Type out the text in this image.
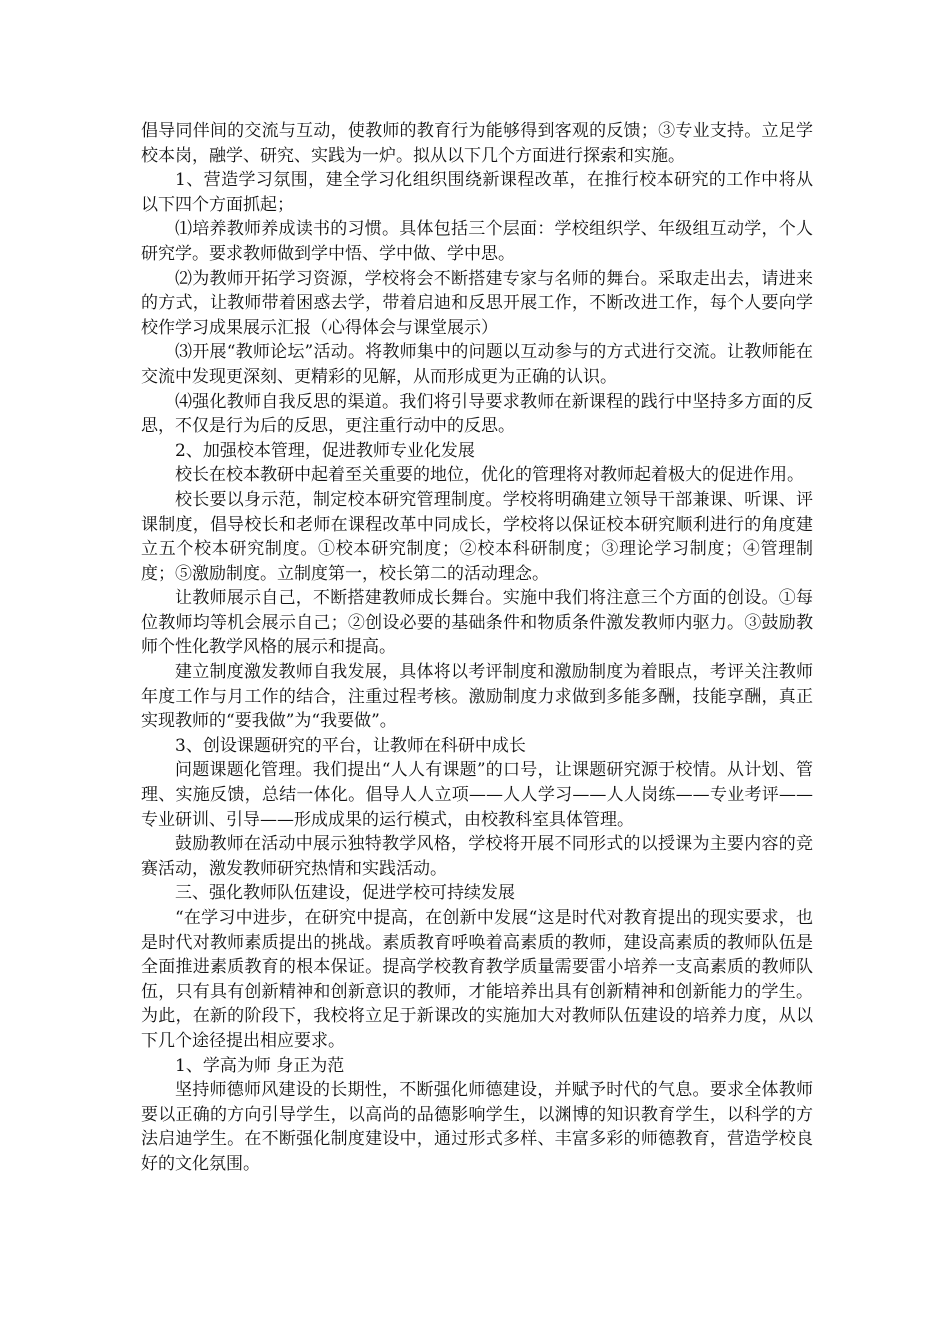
倡导同伴间的交流与互动，使教师的教育行为能够得到客观的反馈；③专业支持。立足学校本岗，融学、研究、实践为一炉。拟从以下几个方面进行探索和实施。

1、营造学习氛围，建全学习化组织围绕新课程改革，在推行校本研究的工作中将从以下四个方面抓起；

⑴培养教师养成读书的习惯。具体包括三个层面：学校组织学、年级组互动学，个人研究学。要求教师做到学中悟、学中做、学中思。

⑵为教师开拓学习资源，学校将会不断搭建专家与名师的舞台。采取走出去，请进来的方式，让教师带着困惑去学，带着启迪和反思开展工作，不断改进工作，每个人要向学校作学习成果展示汇报（心得体会与课堂展示）

⑶开展“教师论坛”活动。将教师集中的问题以互动参与的方式进行交流。让教师能在交流中发现更深刻、更精彩的见解，从而形成更为正确的认识。

⑷强化教师自我反思的渠道。我们将引导要求教师在新课程的践行中坚持多方面的反思，不仅是行为后的反思，更注重行动中的反思。

2、加强校本管理，促进教师专业化发展

校长在校本教研中起着至关重要的地位，优化的管理将对教师起着极大的促进作用。

校长要以身示范，制定校本研究管理制度。学校将明确建立领导干部兼课、听课、评课制度，倡导校长和老师在课程改革中同成长，学校将以保证校本研究顺利进行的角度建立五个校本研究制度。①校本研究制度；②校本科研制度；③理论学习制度；④管理制度；⑤激励制度。立制度第一，校长第二的活动理念。

让教师展示自己，不断搭建教师成长舞台。实施中我们将注意三个方面的创设。①每位教师均等机会展示自己；②创设必要的基础条件和物质条件激发教师内驱力。③鼓励教师个性化教学风格的展示和提高。

建立制度激发教师自我发展，具体将以考评制度和激励制度为着眼点，考评关注教师年度工作与月工作的结合，注重过程考核。激励制度力求做到多能多酬，技能享酬，真正实现教师的“要我做”为“我要做”。

3、创设课题研究的平台，让教师在科研中成长

问题课题化管理。我们提出“人人有课题”的口号，让课题研究源于校情。从计划、管理、实施反馈，总结一体化。倡导人人立项——人人学习——人人岗练——专业考评——专业研训、引导——形成成果的运行模式，由校教科室具体管理。

鼓励教师在活动中展示独特教学风格，学校将开展不同形式的以授课为主要内容的竞赛活动，激发教师研究热情和实践活动。

三、强化教师队伍建设，促进学校可持续发展

“在学习中进步，在研究中提高，在创新中发展“这是时代对教育提出的现实要求，也是时代对教师素质提出的挑战。素质教育呼唤着高素质的教师，建设高素质的教师队伍是全面推进素质教育的根本保证。提高学校教育教学质量需要雷小培养一支高素质的教师队伍，只有具有创新精神和创新意识的教师，才能培养出具有创新精神和创新能力的学生。 为此，在新的阶段下，我校将立足于新课改的实施加大对教师队伍建设的培养力度，从以下几个途径提出相应要求。

1、学高为师 身正为范

坚持师德师风建设的长期性，不断强化师德建设，并赋予时代的气息。要求全体教师要以正确的方向引导学生，以高尚的品德影响学生，以渊博的知识教育学生，以科学的方法启迪学生。在不断强化制度建设中，通过形式多样、丰富多彩的师德教育，营造学校良好的文化氛围。
